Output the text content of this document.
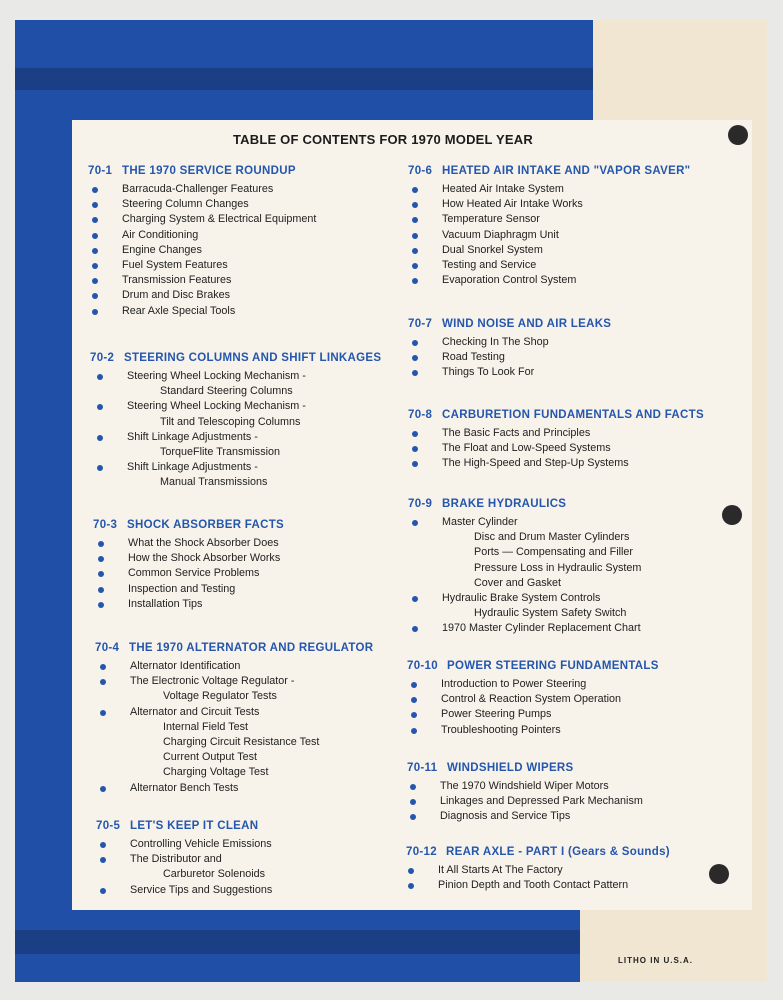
TABLE OF CONTENTS FOR 1970 MODEL YEAR
70-1 THE 1970 SERVICE ROUNDUP
Barracuda-Challenger Features
Steering Column Changes
Charging System & Electrical Equipment
Air Conditioning
Engine Changes
Fuel System Features
Transmission Features
Drum and Disc Brakes
Rear Axle Special Tools
70-2 STEERING COLUMNS AND SHIFT LINKAGES
Steering Wheel Locking Mechanism -
Standard Steering Columns
Steering Wheel Locking Mechanism -
Tilt and Telescoping Columns
Shift Linkage Adjustments -
TorqueFlite Transmission
Shift Linkage Adjustments -
Manual Transmissions
70-3 SHOCK ABSORBER FACTS
What the Shock Absorber Does
How the Shock Absorber Works
Common Service Problems
Inspection and Testing
Installation Tips
70-4 THE 1970 ALTERNATOR AND REGULATOR
Alternator Identification
The Electronic Voltage Regulator -
Voltage Regulator Tests
Alternator and Circuit Tests
Internal Field Test
Charging Circuit Resistance Test
Current Output Test
Charging Voltage Test
Alternator Bench Tests
70-5 LET'S KEEP IT CLEAN
Controlling Vehicle Emissions
The Distributor and
Carburetor Solenoids
Service Tips and Suggestions
70-6 HEATED AIR INTAKE AND "VAPOR SAVER"
Heated Air Intake System
How Heated Air Intake Works
Temperature Sensor
Vacuum Diaphragm Unit
Dual Snorkel System
Testing and Service
Evaporation Control System
70-7 WIND NOISE AND AIR LEAKS
Checking In The Shop
Road Testing
Things To Look For
70-8 CARBURETION FUNDAMENTALS AND FACTS
The Basic Facts and Principles
The Float and Low-Speed Systems
The High-Speed and Step-Up Systems
70-9 BRAKE HYDRAULICS
Master Cylinder
Disc and Drum Master Cylinders
Ports — Compensating and Filler
Pressure Loss in Hydraulic System
Cover and Gasket
Hydraulic Brake System Controls
Hydraulic System Safety Switch
1970 Master Cylinder Replacement Chart
70-10 POWER STEERING FUNDAMENTALS
Introduction to Power Steering
Control & Reaction System Operation
Power Steering Pumps
Troubleshooting Pointers
70-11 WINDSHIELD WIPERS
The 1970 Windshield Wiper Motors
Linkages and Depressed Park Mechanism
Diagnosis and Service Tips
70-12 REAR AXLE - PART I (Gears & Sounds)
It All Starts At The Factory
Pinion Depth and Tooth Contact Pattern
LITHO IN U.S.A.
